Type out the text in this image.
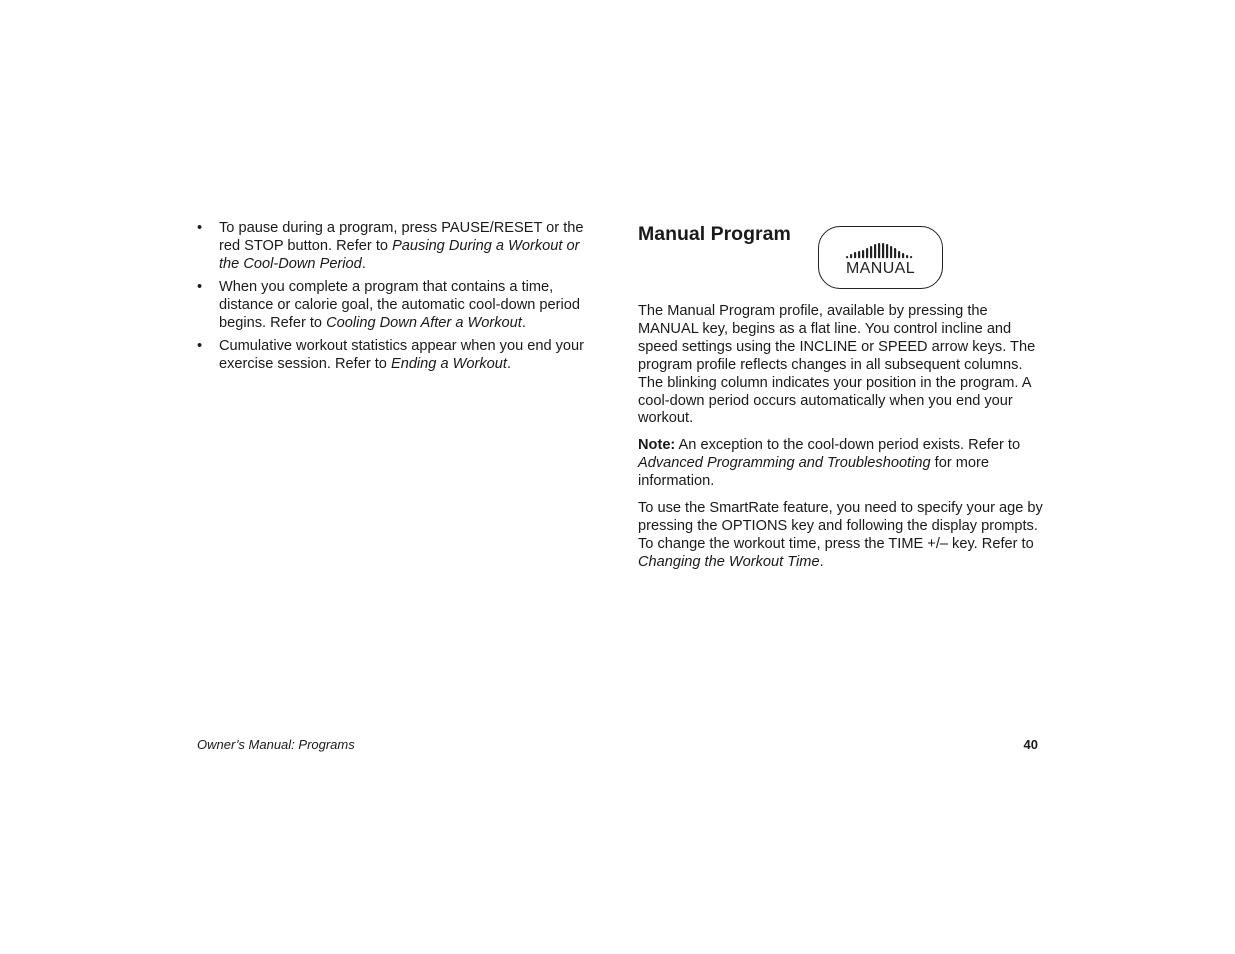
• To pause during a program, press PAUSE/RESET or the red STOP button. Refer to Pausing During a Workout or the Cool-Down Period.
• When you complete a program that contains a time, distance or calorie goal, the automatic cool-down period begins. Refer to Cooling Down After a Workout.
• Cumulative workout statistics appear when you end your exercise session. Refer to Ending a Workout.
Manual Program
MANUAL

The Manual Program profile, available by pressing the MANUAL key, begins as a flat line. You control incline and speed settings using the INCLINE or SPEED arrow keys. The program profile reflects changes in all subsequent columns. The blinking column indicates your position in the program. A cool-down period occurs automatically when you end your workout.

Note: An exception to the cool-down period exists. Refer to Advanced Programming and Troubleshooting for more information.

To use the SmartRate feature, you need to specify your age by pressing the OPTIONS key and following the display prompts. To change the workout time, press the TIME +/– key. Refer to Changing the Workout Time.

Owner’s Manual: Programs	40
